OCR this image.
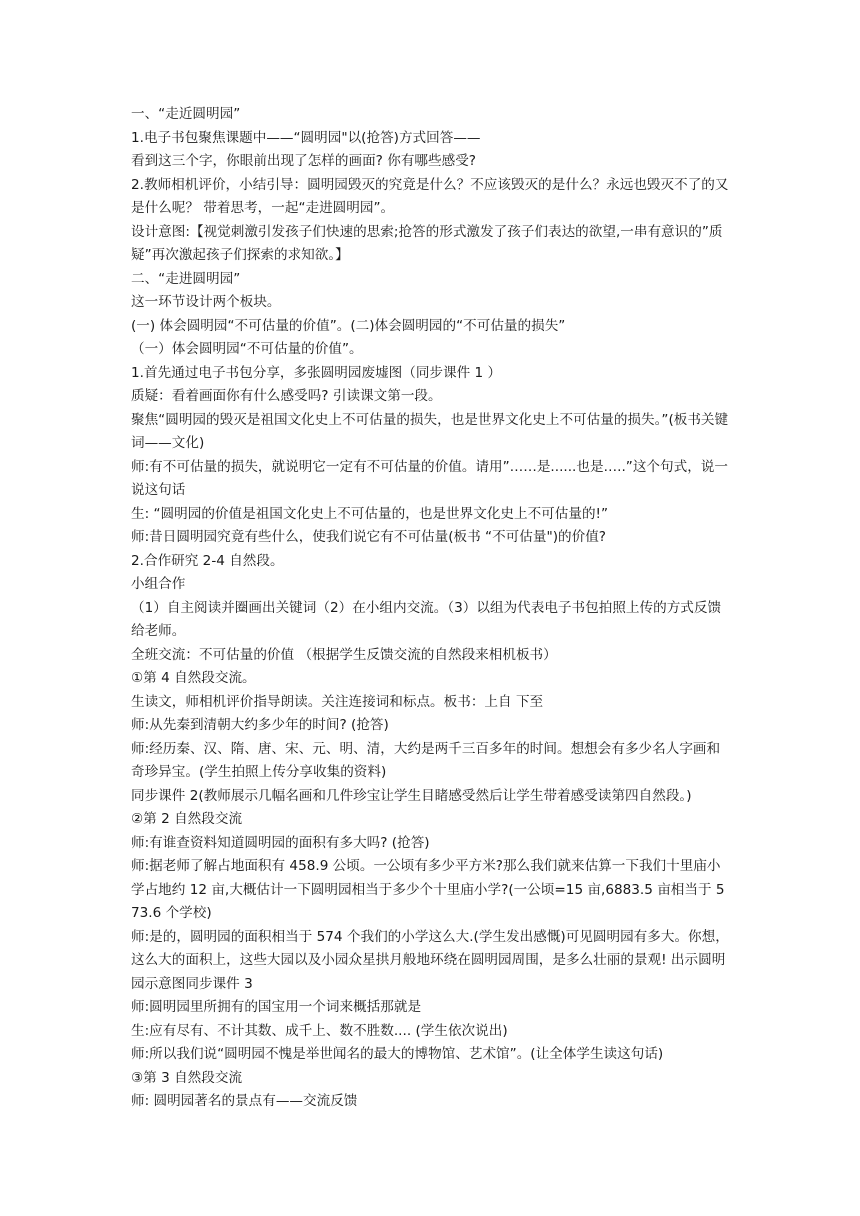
一、“走近圆明园”

1.电子书包聚焦课题中——“圆明园"以(抢答)方式回答——

看到这三个字，你眼前出现了怎样的画面? 你有哪些感受?

2.教师相机评价，小结引导：圆明园毁灭的究竟是什么？不应该毁灭的是什么？永远也毁灭不了的又是什么呢？ 带着思考，一起“走进圆明园”。

设计意图:【视觉刺激引发孩子们快速的思索;抢答的形式激发了孩子们表达的欲望,一串有意识的”质疑”再次激起孩子们探索的求知欲。】

二、“走进圆明园”

这一环节设计两个板块。

(一) 体会圆明园“不可估量的价值”。(二)体会圆明园的“不可估量的损失”

（一）体会圆明园“不可估量的价值”。

1.首先通过电子书包分享，多张圆明园废墟图（同步课件 1 ）

质疑：看着画面你有什么感受吗? 引读课文第一段。

聚焦“圆明园的毁灭是祖国文化史上不可估量的损失，也是世界文化史上不可估量的损失。”(板书关键词——文化)

师:有不可估量的损失，就说明它一定有不可估量的价值。请用”……是......也是…..”这个句式，说一说这句话

生: “圆明园的价值是祖国文化史上不可估量的，也是世界文化史上不可估量的!”

师:昔日圆明园究竟有些什么，使我们说它有不可估量(板书 “不可估量")的价值?

2.合作研究 2-4 自然段。

小组合作

（1）自主阅读并圈画出关键词（2）在小组内交流。（3）以组为代表电子书包拍照上传的方式反馈给老师。

全班交流：不可估量的价值 （根据学生反馈交流的自然段来相机板书）

①第 4 自然段交流。

生读文，师相机评价指导朗读。关注连接词和标点。板书：上自 下至

师:从先秦到清朝大约多少年的时间? (抢答)

师:经历秦、汉、隋、唐、宋、元、明、清，大约是两千三百多年的时间。想想会有多少名人字画和奇珍异宝。(学生拍照上传分享收集的资料)

同步课件 2(教师展示几幅名画和几件珍宝让学生目睹感受然后让学生带着感受读第四自然段。)

②第 2 自然段交流

师:有谁查资料知道圆明园的面积有多大吗? (抢答)

师:据老师了解占地面积有 458.9 公顷。一公顷有多少平方米?那么我们就来估算一下我们十里庙小学占地约 12 亩,大概估计一下圆明园相当于多少个十里庙小学?(一公顷=15 亩,6883.5 亩相当于 573.6 个学校)

师:是的，圆明园的面积相当于 574 个我们的小学这么大.(学生发出感慨)可见圆明园有多大。你想，这么大的面积上，这些大园以及小园众星拱月般地环绕在圆明园周围，是多么壮丽的景观! 出示圆明园示意图同步课件 3

师:圆明园里所拥有的国宝用一个词来概括那就是

生:应有尽有、不计其数、成千上、数不胜数.... (学生依次说出)

师:所以我们说“圆明园不愧是举世闻名的最大的博物馆、艺术馆”。(让全体学生读这句话)

③第 3 自然段交流

师: 圆明园著名的景点有——交流反馈
